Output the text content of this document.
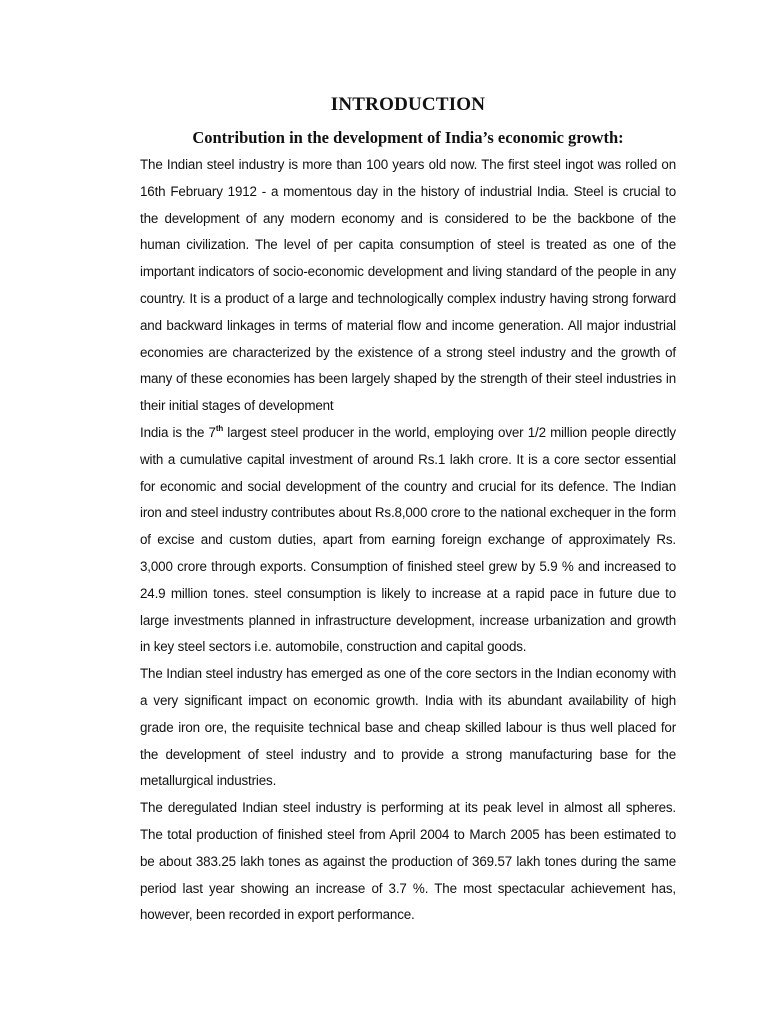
INTRODUCTION
Contribution in the development of India’s economic growth:

The Indian steel industry is more than 100 years old now. The first steel ingot was rolled on 16th February 1912 - a momentous day in the history of industrial India. Steel is crucial to the development of any modern economy and is considered to be the backbone of the human civilization. The level of per capita consumption of steel is treated as one of the important indicators of socio-economic development and living standard of the people in any country. It is a product of a large and technologically complex industry having strong forward and backward linkages in terms of material flow and income generation. All major industrial economies are characterized by the existence of a strong steel industry and the growth of many of these economies has been largely shaped by the strength of their steel industries in their initial stages of development

India is the 7th largest steel producer in the world, employing over 1/2 million people directly with a cumulative capital investment of around Rs.1 lakh crore. It is a core sector essential for economic and social development of the country and crucial for its defence. The Indian iron and steel industry contributes about Rs.8,000 crore to the national exchequer in the form of excise and custom duties, apart from earning foreign exchange of approximately Rs. 3,000 crore through exports. Consumption of finished steel grew by 5.9 % and increased to 24.9 million tones. steel consumption is likely to increase at a rapid pace in future due to large investments planned in infrastructure development, increase urbanization and growth in key steel sectors i.e. automobile, construction and capital goods.

The Indian steel industry has emerged as one of the core sectors in the Indian economy with a very significant impact on economic growth. India with its abundant availability of high grade iron ore, the requisite technical base and cheap skilled labour is thus well placed for the development of steel industry and to provide a strong manufacturing base for the metallurgical industries.

The deregulated Indian steel industry is performing at its peak level in almost all spheres. The total production of finished steel from April 2004 to March 2005 has been estimated to be about 383.25 lakh tones as against the production of 369.57 lakh tones during the same period last year showing an increase of 3.7 %. The most spectacular achievement has, however, been recorded in export performance.
